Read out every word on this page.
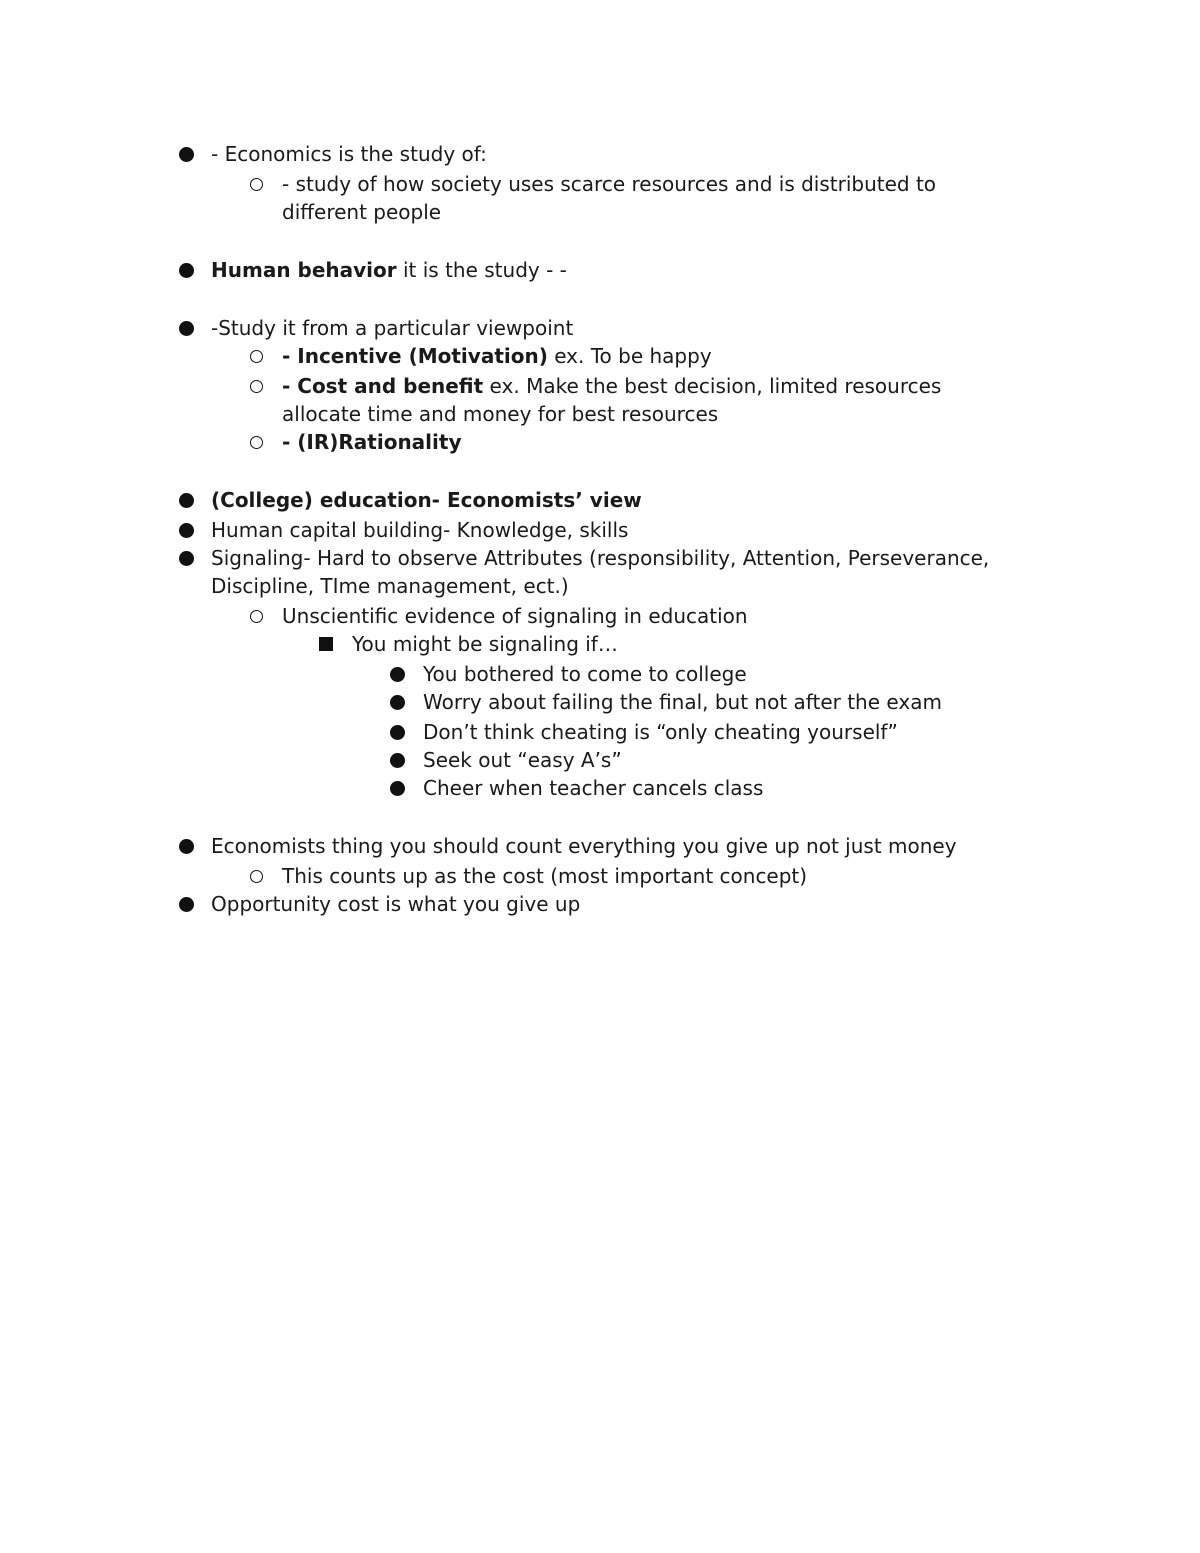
- Economics is the study of:
- study of how society uses scarce resources and is distributed to
different people
Human behavior it is the study - -
-Study it from a particular viewpoint
- Incentive (Motivation) ex. To be happy
- Cost and benefit ex. Make the best decision, limited resources
allocate time and money for best resources
- (IR)Rationality
(College) education- Economists’ view
Human capital building- Knowledge, skills
Signaling- Hard to observe Attributes (responsibility, Attention, Perseverance,
Discipline, TIme management, ect.)
Unscientific evidence of signaling in education
You might be signaling if…
You bothered to come to college
Worry about failing the final, but not after the exam
Don’t think cheating is “only cheating yourself”
Seek out “easy A’s”
Cheer when teacher cancels class
Economists thing you should count everything you give up not just money
This counts up as the cost (most important concept)
Opportunity cost is what you give up
